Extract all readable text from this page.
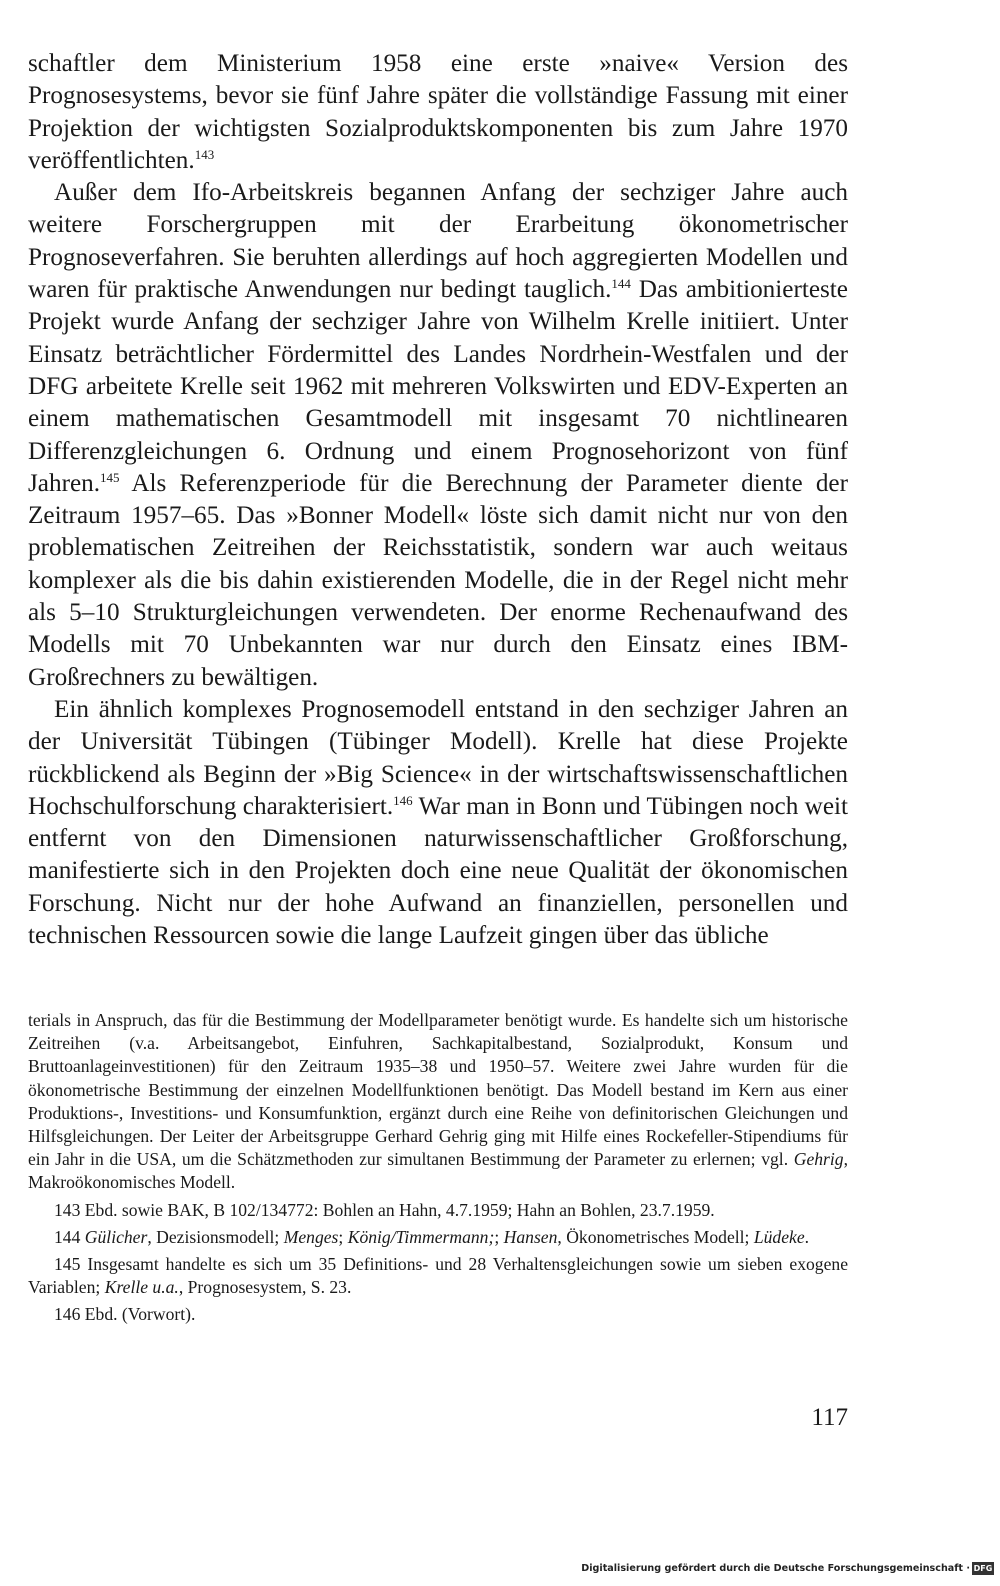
schaftler dem Ministerium 1958 eine erste »naive« Version des Prognosesystems, bevor sie fünf Jahre später die vollständige Fassung mit einer Projektion der wichtigsten Sozialproduktskomponenten bis zum Jahre 1970 veröffentlichten.$^{143}$

Außer dem Ifo-Arbeitskreis begannen Anfang der sechziger Jahre auch weitere Forschergruppen mit der Erarbeitung ökonometrischer Prognoseverfahren. Sie beruhten allerdings auf hoch aggregierten Modellen und waren für praktische Anwendungen nur bedingt tauglich.$^{144}$ Das ambitionierteste Projekt wurde Anfang der sechziger Jahre von Wilhelm Krelle initiiert. Unter Einsatz beträchtlicher Fördermittel des Landes Nordrhein-Westfalen und der DFG arbeitete Krelle seit 1962 mit mehreren Volkswirten und EDV-Experten an einem mathematischen Gesamtmodell mit insgesamt 70 nichtlinearen Differenzgleichungen 6. Ordnung und einem Prognosehorizont von fünf Jahren.$^{145}$ Als Referenzperiode für die Berechnung der Parameter diente der Zeitraum 1957–65. Das »Bonner Modell« löste sich damit nicht nur von den problematischen Zeitreihen der Reichsstatistik, sondern war auch weitaus komplexer als die bis dahin existierenden Modelle, die in der Regel nicht mehr als 5–10 Strukturgleichungen verwendeten. Der enorme Rechenaufwand des Modells mit 70 Unbekannten war nur durch den Einsatz eines IBM-Großrechners zu bewältigen.

Ein ähnlich komplexes Prognosemodell entstand in den sechziger Jahren an der Universität Tübingen (Tübinger Modell). Krelle hat diese Projekte rückblickend als Beginn der »Big Science« in der wirtschaftswissenschaftlichen Hochschulforschung charakterisiert.$^{146}$ War man in Bonn und Tübingen noch weit entfernt von den Dimensionen naturwissenschaftlicher Großforschung, manifestierte sich in den Projekten doch eine neue Qualität der ökonomischen Forschung. Nicht nur der hohe Aufwand an finanziellen, personellen und technischen Ressourcen sowie die lange Laufzeit gingen über das übliche

terials in Anspruch, das für die Bestimmung der Modellparameter benötigt wurde. Es handelte sich um historische Zeitreihen (v.a. Arbeitsangebot, Einfuhren, Sachkapitalbestand, Sozialprodukt, Konsum und Bruttoanlageinvestitionen) für den Zeitraum 1935–38 und 1950–57. Weitere zwei Jahre wurden für die ökonometrische Bestimmung der einzelnen Modellfunktionen benötigt. Das Modell bestand im Kern aus einer Produktions-, Investitions- und Konsumfunktion, ergänzt durch eine Reihe von definitorischen Gleichungen und Hilfsgleichungen. Der Leiter der Arbeitsgruppe Gerhard Gehrig ging mit Hilfe eines Rockefeller-Stipendiums für ein Jahr in die USA, um die Schätzmethoden zur simultanen Bestimmung der Parameter zu erlernen; vgl. Gehrig, Makroökonomisches Modell.

143 Ebd. sowie BAK, B 102/134772: Bohlen an Hahn, 4.7.1959; Hahn an Bohlen, 23.7.1959.

144 Gülicher, Dezisionsmodell; Menges; König/Timmermann;; Hansen, Ökonometrisches Modell; Lüdeke.

145 Insgesamt handelte es sich um 35 Definitions- und 28 Verhaltensgleichungen sowie um sieben exogene Variablen; Krelle u.a., Prognosesystem, S. 23.

146 Ebd. (Vorwort).

117
Digitalisierung gefördert durch die Deutsche Forschungsgemeinschaft · DFG
